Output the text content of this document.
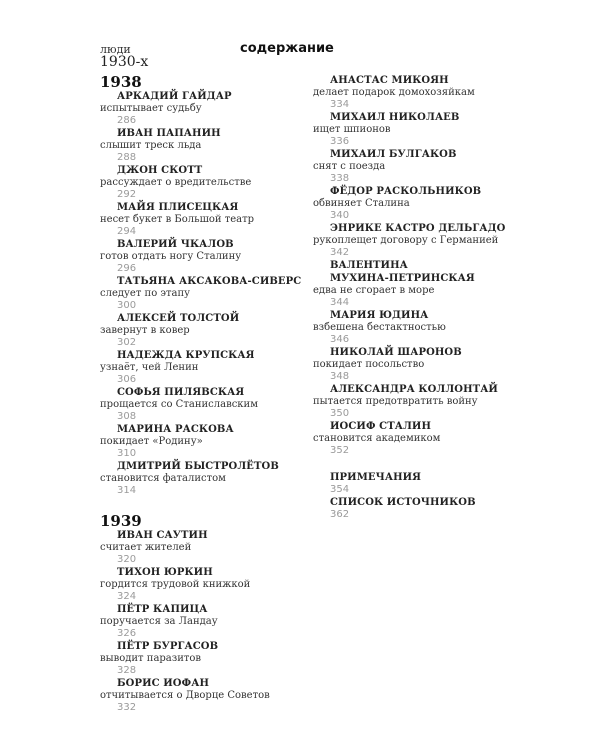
люди
1930-х
содержание
1938
АРКАДИЙ ГАЙДАР
испытывает судьбу
286
ИВАН ПАПАНИН
слышит треск льда
288
ДЖОН СКОТТ
рассуждает о вредительстве
292
МАЙЯ ПЛИСЕЦКАЯ
несет букет в Большой театр
294
ВАЛЕРИЙ ЧКАЛОВ
готов отдать ногу Сталину
296
ТАТЬЯНА АКСАКОВА-СИВЕРС
следует по этапу
300
АЛЕКСЕЙ ТОЛСТОЙ
завернут в ковер
302
НАДЕЖДА КРУПСКАЯ
узнаёт, чей Ленин
306
СОФЬЯ ПИЛЯВСКАЯ
прощается со Станиславским
308
МАРИНА РАСКОВА
покидает «Родину»
310
ДМИТРИЙ БЫСТРОЛЁТОВ
становится фаталистом
314
1939
ИВАН САУТИН
считает жителей
320
ТИХОН ЮРКИН
гордится трудовой книжкой
324
ПЁТР КАПИЦА
поручается за Ландау
326
ПЁТР БУРГАСОВ
выводит паразитов
328
БОРИС ИОФАН
отчитывается о Дворце Советов
332
АНАСТАС МИКОЯН
делает подарок домохозяйкам
334
МИХАИЛ НИКОЛАЕВ
ищет шпионов
336
МИХАИЛ БУЛГАКОВ
снят с поезда
338
ФЁДОР РАСКОЛЬНИКОВ
обвиняет Сталина
340
ЭНРИКЕ КАСТРО ДЕЛЬГАДО
рукоплещет договору с Германией
342
ВАЛЕНТИНА
МУХИНА-ПЕТРИНСКАЯ
едва не сгорает в море
344
МАРИЯ ЮДИНА
взбешена бестактностью
346
НИКОЛАЙ ШАРОНОВ
покидает посольство
348
АЛЕКСАНДРА КОЛЛОНТАЙ
пытается предотвратить войну
350
ИОСИФ СТАЛИН
становится академиком
352
ПРИМЕЧАНИЯ
354
СПИСОК ИСТОЧНИКОВ
362
